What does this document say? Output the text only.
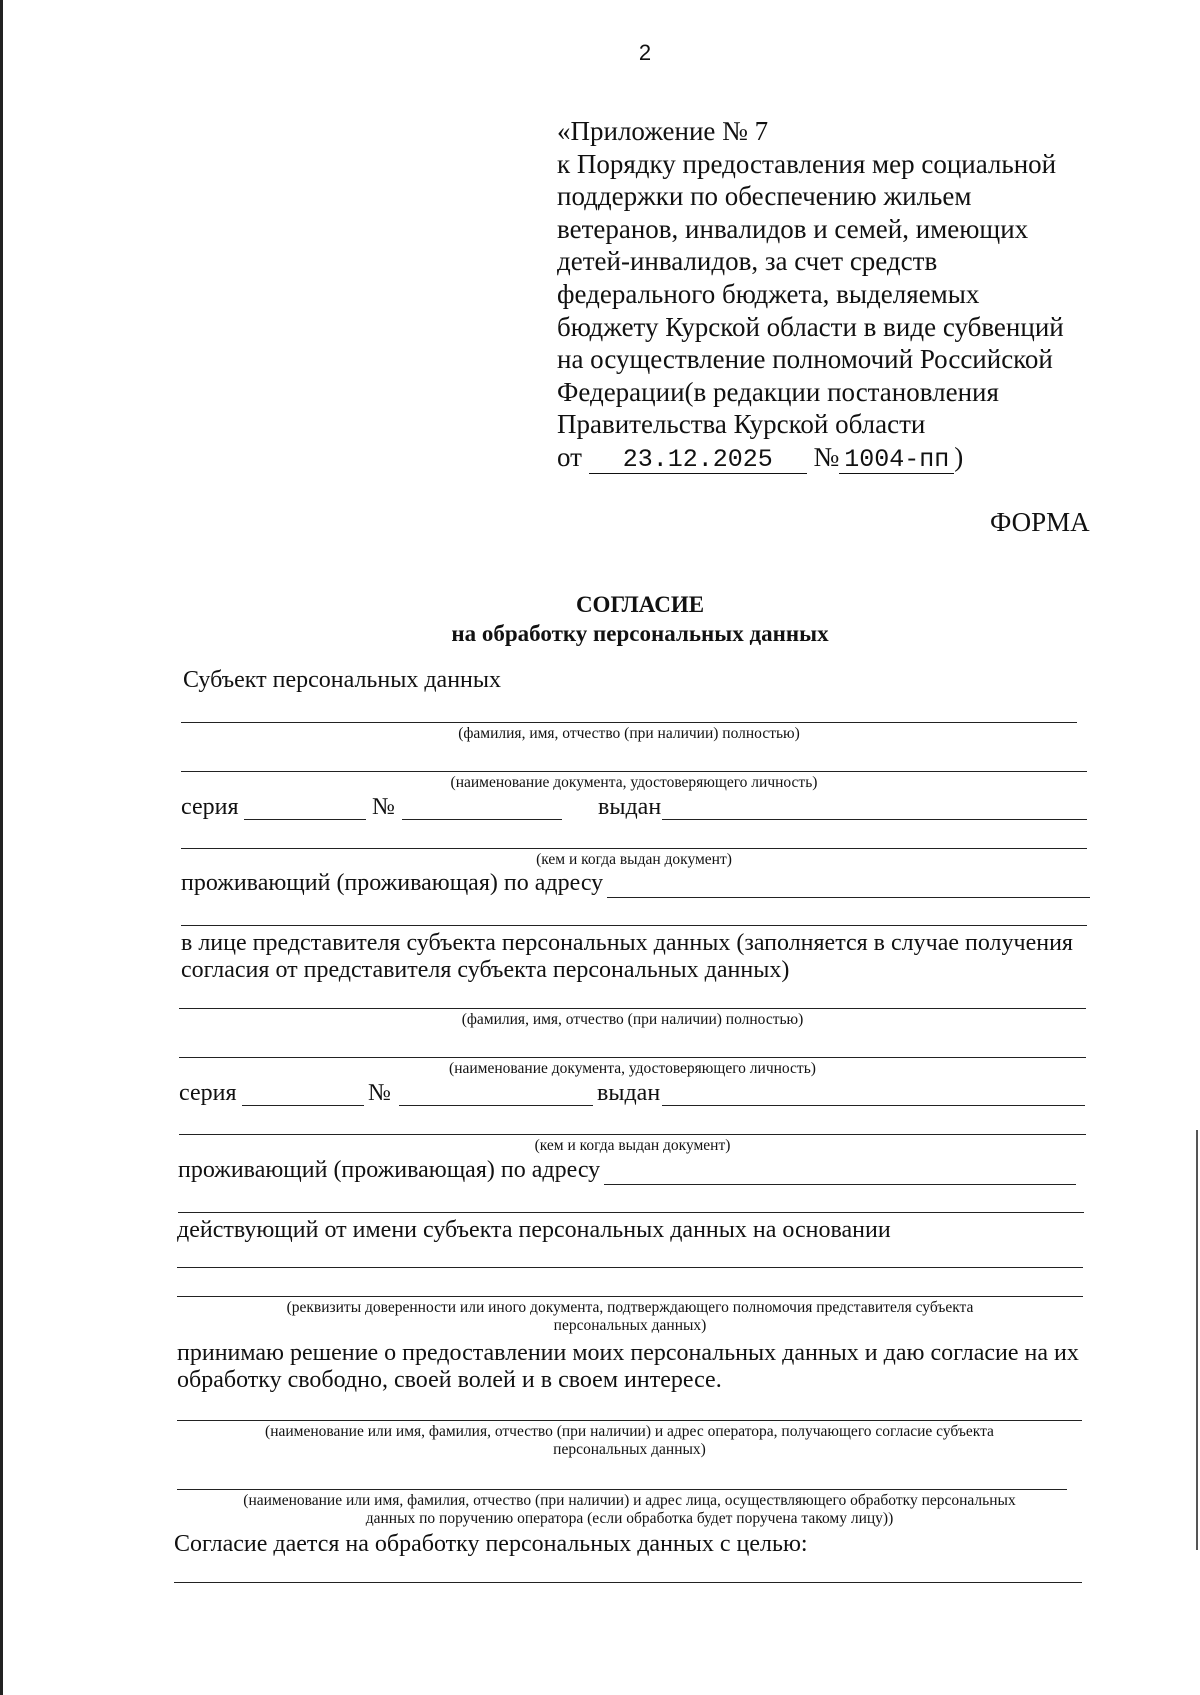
2
«Приложение № 7
к Порядку предоставления мер социальной
поддержки по обеспечению жильем
ветеранов, инвалидов и семей, имеющих
детей-инвалидов, за счет средств
федерального бюджета, выделяемых
бюджету Курской области в виде субвенций
на осуществление полномочий Российской
Федерации(в редакции постановления
Правительства Курской области
от 23.12.2025 № 1004-пп )
ФОРМА
СОГЛАСИЕ
на обработку персональных данных
Субъект персональных данных
(фамилия, имя, отчество (при наличии) полностью)
(наименование документа, удостоверяющего личность)
серия	№	выдан
(кем и когда выдан документ)
проживающий (проживающая) по адресу
в лице представителя субъекта персональных данных (заполняется в случае получения
согласия от представителя субъекта персональных данных)
(фамилия, имя, отчество (при наличии) полностью)
(наименование документа, удостоверяющего личность)
серия	№	выдан
(кем и когда выдан документ)
проживающий (проживающая) по адресу
действующий от имени субъекта персональных данных на основании
(реквизиты доверенности или иного документа, подтверждающего полномочия представителя субъекта
персональных данных)
принимаю решение о предоставлении моих персональных данных и даю согласие на их
обработку свободно, своей волей и в своем интересе.
(наименование или имя, фамилия, отчество (при наличии) и адрес оператора, получающего согласие субъекта
персональных данных)
(наименование или имя, фамилия, отчество (при наличии) и адрес лица, осуществляющего обработку персональных
данных по поручению оператора (если обработка будет поручена такому лицу))
Согласие дается на обработку персональных данных с целью:
